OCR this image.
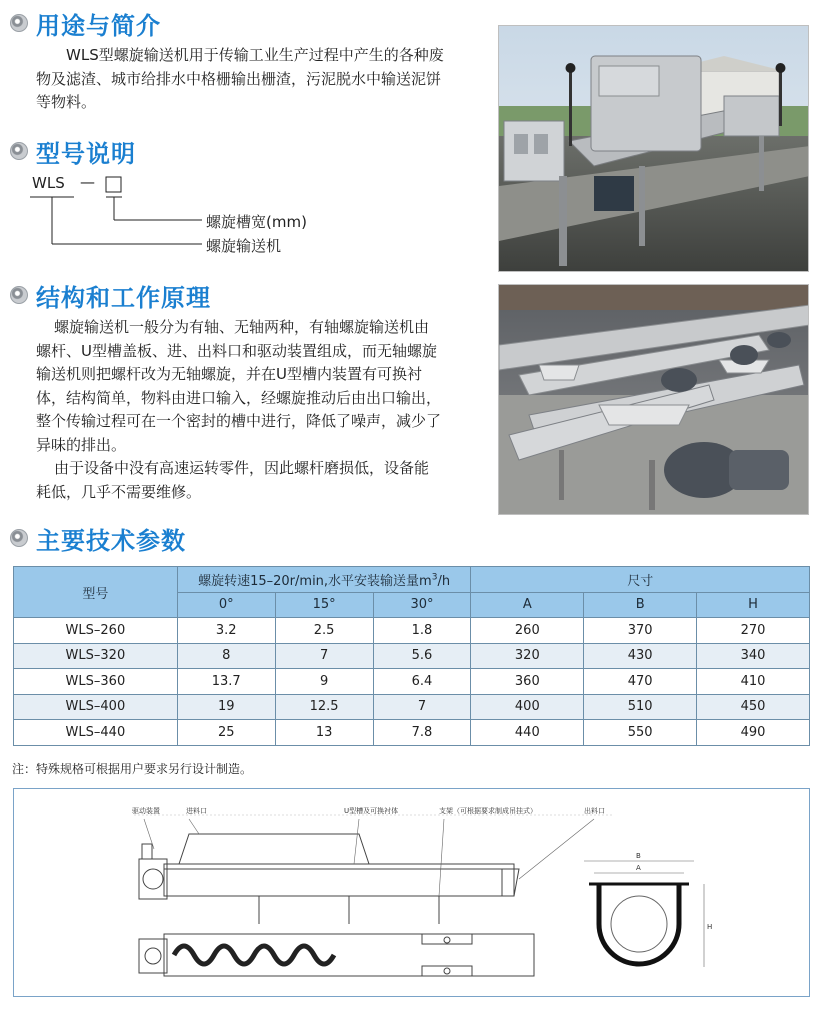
用途与简介

WLS型螺旋输送机用于传输工业生产过程中产生的各种废

物及滤渣、城市给排水中格栅输出栅渣，污泥脱水中输送泥饼

等物料。

型号说明
WLS —
螺旋槽宽(mm)
螺旋输送机
结构和工作原理

螺旋输送机一般分为有轴、无轴两种，有轴螺旋输送机由

螺杆、U型槽盖板、进、出料口和驱动装置组成，而无轴螺旋

输送机则把螺杆改为无轴螺旋，并在U型槽内装置有可换衬

体，结构简单，物料由进口输入，经螺旋推动后由出口输出，

整个传输过程可在一个密封的槽中进行，降低了噪声，减少了

异味的排出。

由于设备中没有高速运转零件，因此螺杆磨损低，设备能

耗低，几乎不需要维修。

主要技术参数
型号	螺旋转速15–20r/min,水平安装输送量$m^3/h$			尺寸		
	0°	15°	30°	A	B	H
WLS–260	3.2	2.5	1.8	260	370	270
WLS–320	8	7	5.6	320	430	340
WLS–360	13.7	9	6.4	360	470	410
WLS–400	19	12.5	7	400	510	450
WLS–440	25	13	7.8	440	550	490
注：特殊规格可根据用户要求另行设计制造。
驱动装置	进料口	U型槽及可换衬体	支架（可根据要求制成吊挂式）	出料口
B
A
H
